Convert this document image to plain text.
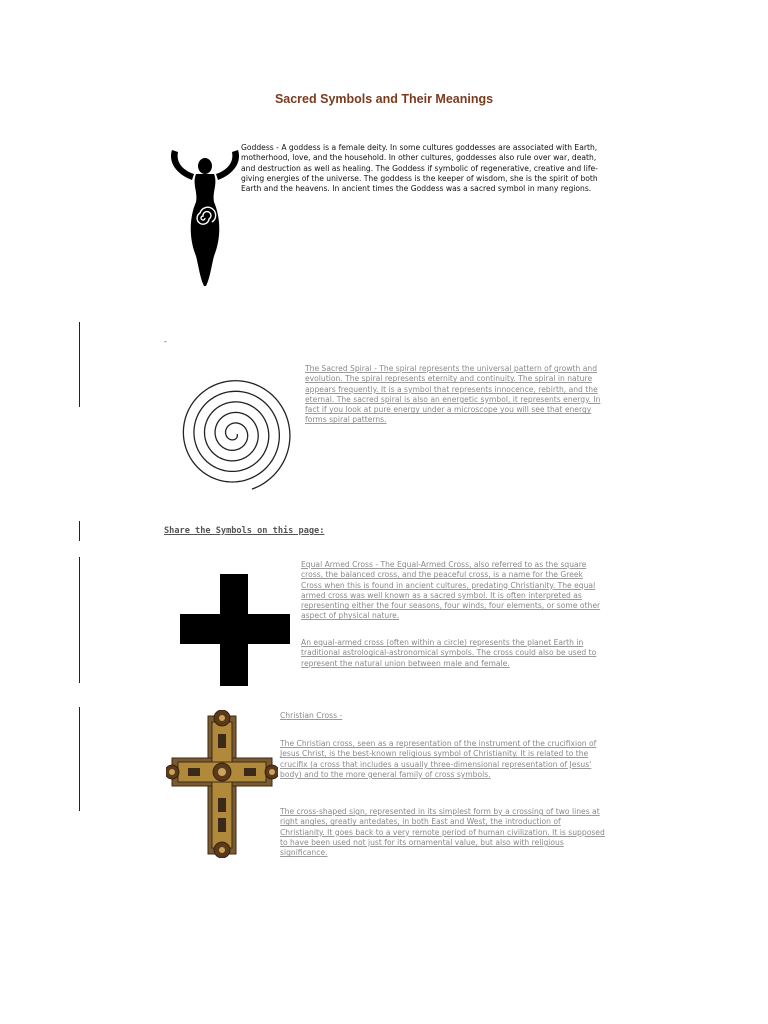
Sacred Symbols and Their Meanings

Goddess - A goddess is a female deity. In some cultures goddesses are associated with Earth, motherhood, love, and the household. In other cultures, goddesses also rule over war, death, and destruction as well as healing. The Goddess if symbolic of regenerative, creative and life-giving energies of the universe. The goddess is the keeper of wisdom, she is the spirit of both Earth and the heavens. In ancient times the Goddess was a sacred symbol in many regions.

-

The Sacred Spiral - The spiral represents the universal pattern of growth and evolution. The spiral represents eternity and continuity. The spiral in nature appears frequently. It is a symbol that represents innocence, rebirth, and the eternal. The sacred spiral is also an energetic symbol, it represents energy. In fact if you look at pure energy under a microscope you will see that energy forms spiral patterns.

Share the Symbols on this page:

Equal Armed Cross - The Equal-Armed Cross, also referred to as the square cross, the balanced cross, and the peaceful cross, is a name for the Greek Cross when this is found in ancient cultures, predating Christianity. The equal armed cross was well known as a sacred symbol. It is often interpreted as representing either the four seasons, four winds, four elements, or some other aspect of physical nature.

An equal-armed cross (often within a circle) represents the planet Earth in traditional astrological-astronomical symbols. The cross could also be used to represent the natural union between male and female.

Christian Cross -

The Christian cross, seen as a representation of the instrument of the crucifixion of Jesus Christ, is the best-known religious symbol of Christianity. It is related to the crucifix (a cross that includes a usually three-dimensional representation of Jesus' body) and to the more general family of cross symbols.

The cross-shaped sign, represented in its simplest form by a crossing of two lines at right angles, greatly antedates, in both East and West, the introduction of Christianity. It goes back to a very remote period of human civilization. It is supposed to have been used not just for its ornamental value, but also with religious significance.
